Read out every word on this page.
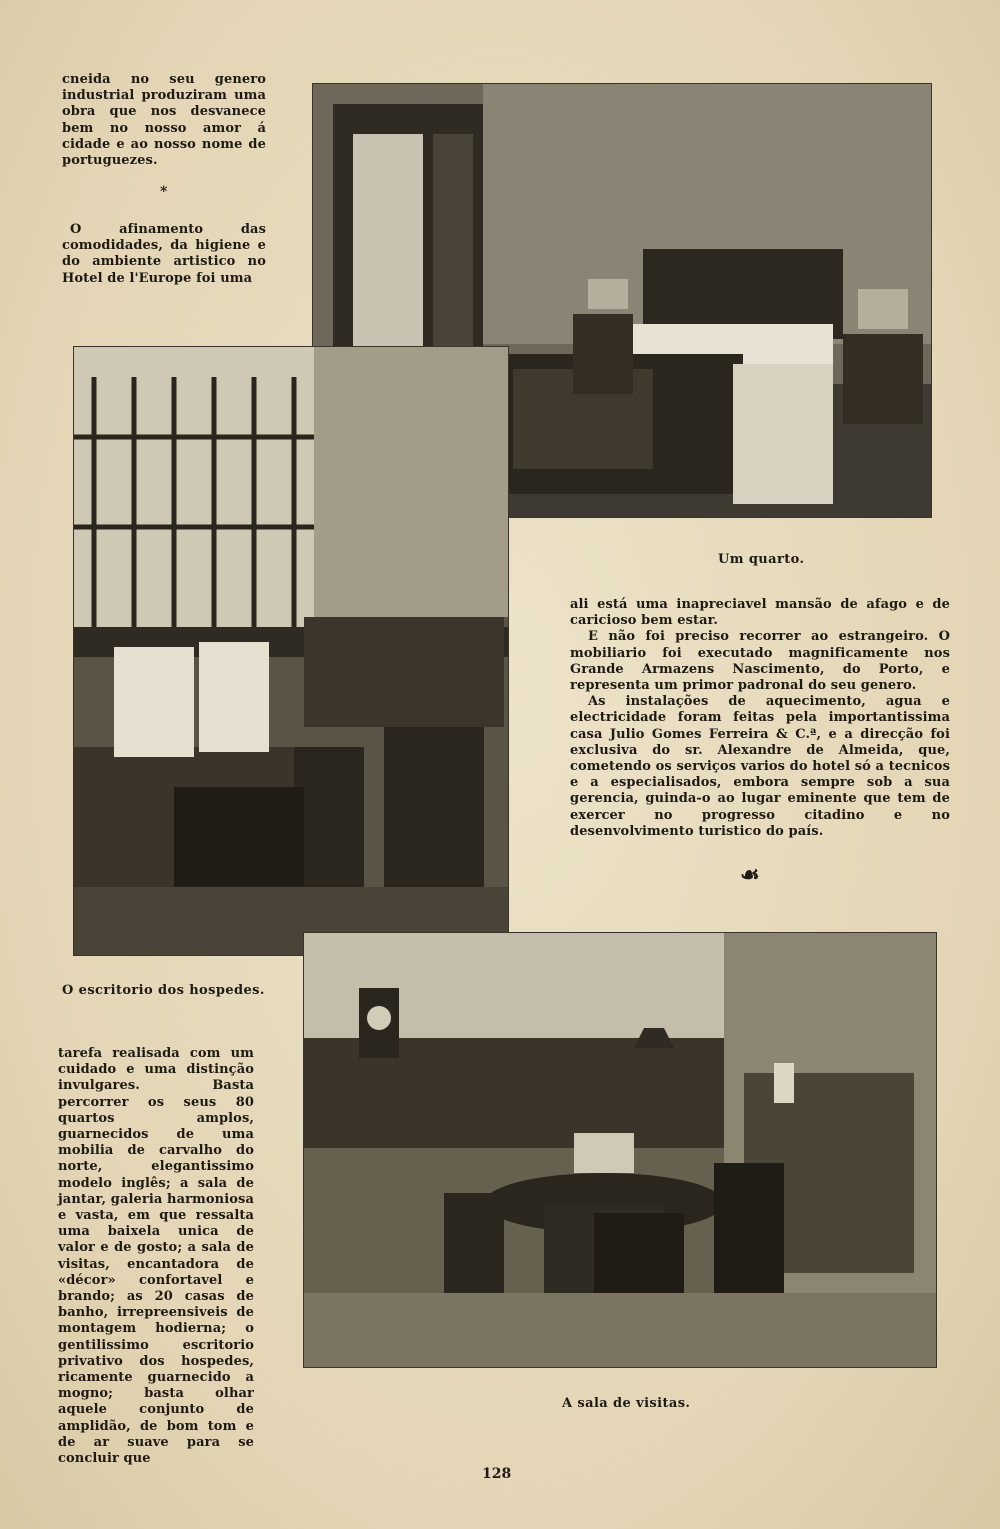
cneida no seu genero industrial produziram uma obra que nos desvanece bem no nosso amor á cidade e ao nosso nome de portuguezes.

*

O afinamento das comodidades, da higiene e do ambiente artistico no Hotel de l'Europe foi uma

Um quarto.

ali está uma inapreciavel mansão de afago e de caricioso bem estar.

E não foi preciso recorrer ao estrangeiro. O mobiliario foi executado magnificamente nos Grande Armazens Nascimento, do Porto, e representa um primor padronal do seu genero.

As instalações de aquecimento, agua e electricidade foram feitas pela importantissima casa Julio Gomes Ferreira & C.ª, e a direcção foi exclusiva do sr. Alexandre de Almeida, que, cometendo os serviços varios do hotel só a tecnicos e a especialisados, embora sempre sob a sua gerencia, guinda-o ao lugar eminente que tem de exercer no progresso citadino e no desenvolvimento turistico do país.

☙
O escritorio dos hospedes.

tarefa realisada com um cuidado e uma distinção invulgares. Basta percorrer os seus 80 quartos amplos, guarnecidos de uma mobilia de carvalho do norte, elegantissimo modelo inglês; a sala de jantar, galeria harmoniosa e vasta, em que ressalta uma baixela unica de valor e de gosto; a sala de visitas, encantadora de «décor» confortavel e brando; as 20 casas de banho, irrepreensiveis de montagem hodierna; o gentilissimo escritorio privativo dos hospedes, ricamente guarnecido a mogno; basta olhar aquele conjunto de amplidão, de bom tom e de ar suave para se concluir que

A sala de visitas.
128
